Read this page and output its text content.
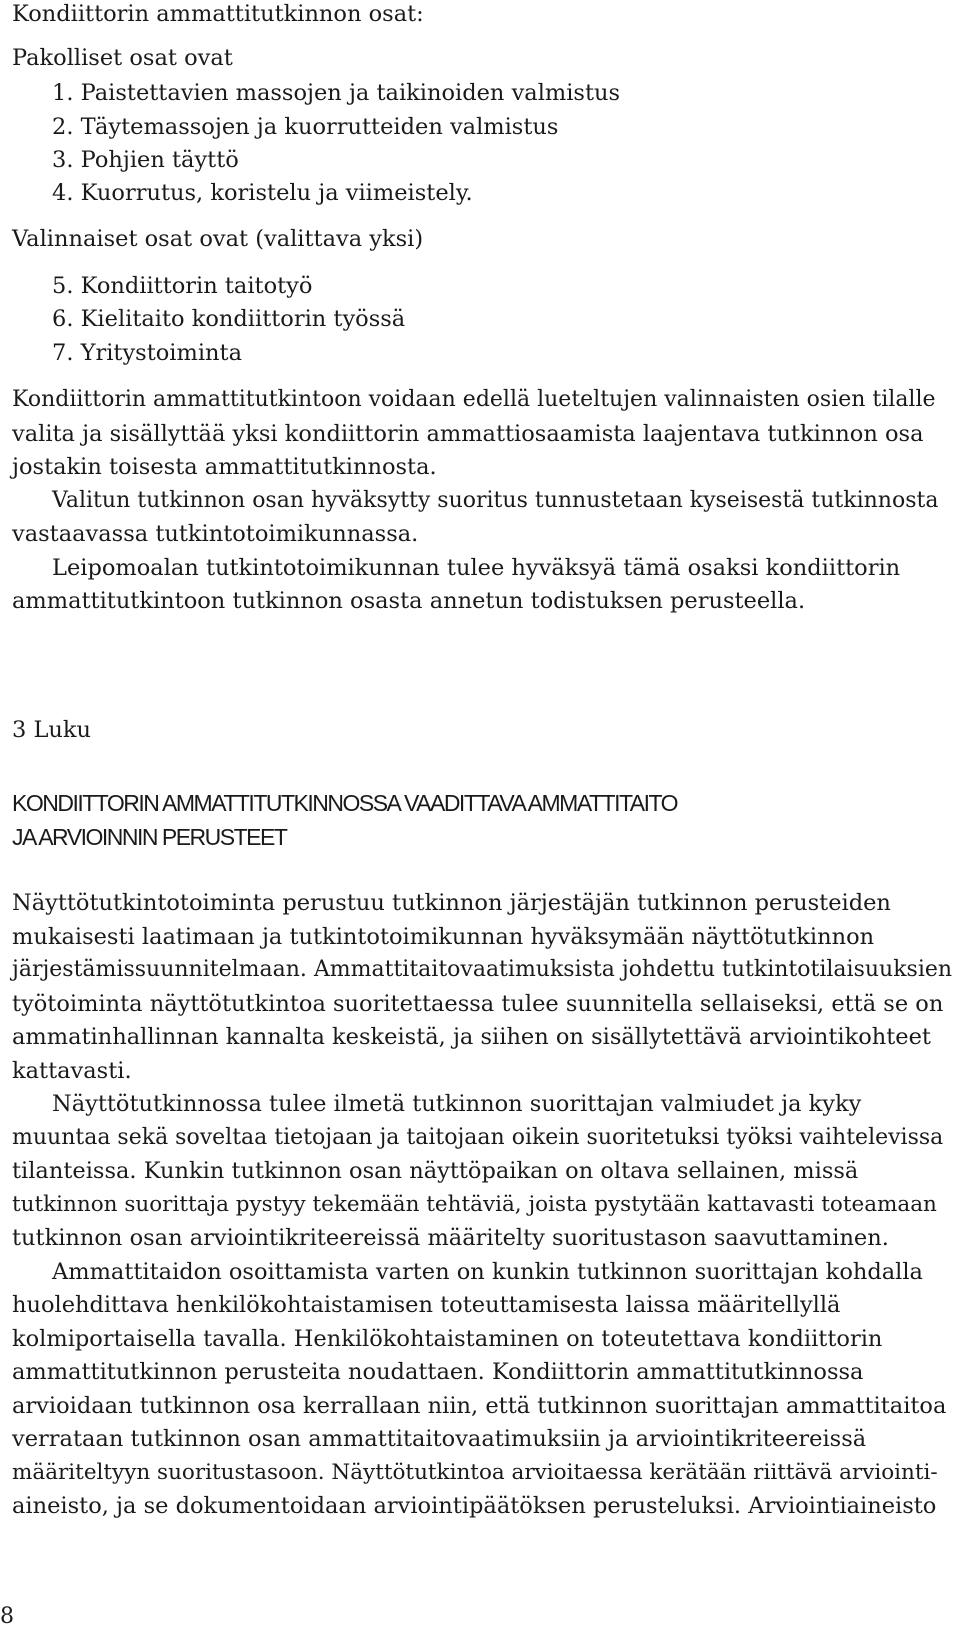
Kondiittorin ammattitutkinnon osat:
Pakolliset osat ovat
1. Paistettavien massojen ja taikinoiden valmistus
2. Täytemassojen ja kuorrutteiden valmistus
3. Pohjien täyttö
4. Kuorrutus, koristelu ja viimeistely.
Valinnaiset osat ovat (valittava yksi)
5. Kondiittorin taitotyö
6. Kielitaito kondiittorin työssä
7. Yritystoiminta
Kondiittorin ammattitutkintoon voidaan edellä lueteltujen valinnaisten osien tilalle
valita ja sisällyttää yksi kondiittorin ammattiosaamista laajentava tutkinnon osa
jostakin toisesta ammattitutkinnosta.
Valitun tutkinnon osan hyväksytty suoritus tunnustetaan kyseisestä tutkinnosta
vastaavassa tutkintotoimikunnassa.
Leipomoalan tutkintotoimikunnan tulee hyväksyä tämä osaksi kondiittorin
ammattitutkintoon tutkinnon osasta annetun todistuksen perusteella.
3 Luku
KONDIITTORIN AMMATTITUTKINNOSSA VAADITTAVA AMMATTITAITO
JA ARVIOINNIN PERUSTEET
Näyttötutkintotoiminta perustuu tutkinnon järjestäjän tutkinnon perusteiden
mukaisesti laatimaan ja tutkintotoimikunnan hyväksymään näyttötutkinnon
järjestämissuunnitelmaan. Ammattitaitovaatimuksista johdettu tutkintotilaisuuksien
työtoiminta näyttötutkintoa suoritettaessa tulee suunnitella sellaiseksi, että se on
ammatinhallinnan kannalta keskeistä, ja siihen on sisällytettävä arviointikohteet
kattavasti.
Näyttötutkinnossa tulee ilmetä tutkinnon suorittajan valmiudet ja kyky
muuntaa sekä soveltaa tietojaan ja taitojaan oikein suoritetuksi työksi vaihtelevissa
tilanteissa. Kunkin tutkinnon osan näyttöpaikan on oltava sellainen, missä
tutkinnon suorittaja pystyy tekemään tehtäviä, joista pystytään kattavasti toteamaan
tutkinnon osan arviointikriteereissä määritelty suoritustason saavuttaminen.
Ammattitaidon osoittamista varten on kunkin tutkinnon suorittajan kohdalla
huolehdittava henkilökohtaistamisen toteuttamisesta laissa määritellyllä
kolmiportaisella tavalla. Henkilökohtaistaminen on toteutettava kondiittorin
ammattitutkinnon perusteita noudattaen. Kondiittorin ammattitutkinnossa
arvioidaan tutkinnon osa kerrallaan niin, että tutkinnon suorittajan ammattitaitoa
verrataan tutkinnon osan ammattitaitovaatimuksiin ja arviointikriteereissä
määriteltyyn suoritustasoon. Näyttötutkintoa arvioitaessa kerätään riittävä arviointi-
aineisto, ja se dokumentoidaan arviointipäätöksen perusteluksi. Arviointiaineisto
8
